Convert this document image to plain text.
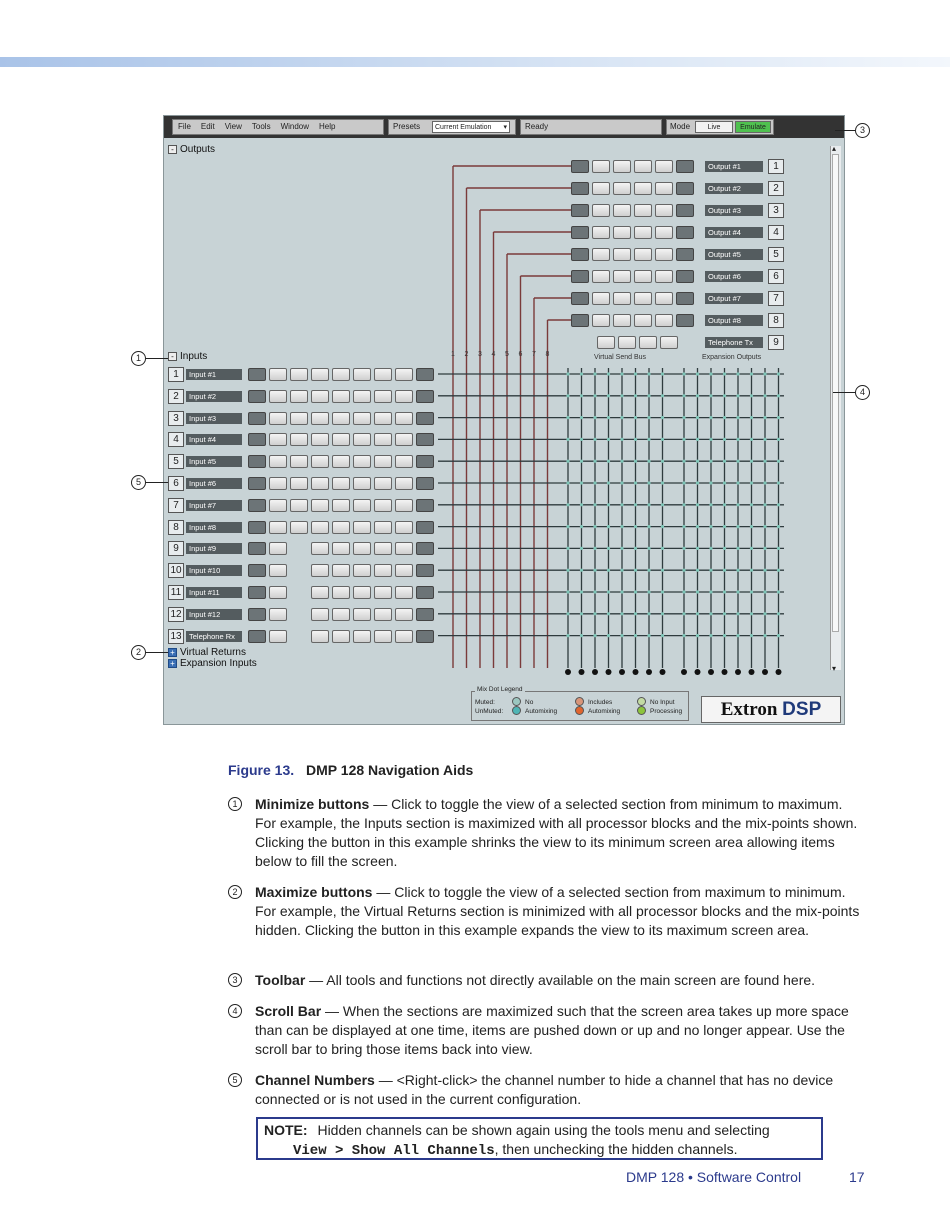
File Edit View Tools Window Help	Presets	Current Emulation ▾	Ready	Mode	Live	Emulate
- Outputs
- Inputs
+ Virtual Returns
+ Expansion Inputs
Output #1	1
Output #2	2
Output #3	3
Output #4	4
Output #5	5
Output #6	6
Output #7	7
Output #8	8
Telephone Tx	9
1	Input #1
2	Input #2
3	Input #3
4	Input #4
5	Input #5
6	Input #6
7	Input #7
8	Input #8
9	Input #9
10 Input #10
11	Input #11
12 Input #12
13 Telephone Rx
Virtual Send Bus	Expansion Outputs
▴
▾
Mix Dot Legend
Muted:
UnMuted:

No
Automixing

Includes
Automixing

No Input
Processing	Extron DSP
1 2 3 4 5 6 7 8
3
4
1
5
2
Figure 13. DMP 128 Navigation Aids
1	Minimize buttons — Click to toggle the view of a selected section from minimum to maximum. For example, the Inputs section is maximized with all processor blocks and the mix-points shown. Clicking the button in this example shrinks the view to its minimum screen area allowing items below to fill the screen.
2	Maximize buttons — Click to toggle the view of a selected section from maximum to minimum. For example, the Virtual Returns section is minimized with all processor blocks and the mix-points hidden. Clicking the button in this example expands the view to its maximum screen area.
3	Toolbar — All tools and functions not directly available on the main screen are found here.
4	Scroll Bar — When the sections are maximized such that the screen area takes up more space than can be displayed at one time, items are pushed down or up and no longer appear. Use the scroll bar to bring those items back into view.
5	Channel Numbers — <Right-click> the channel number to hide a channel that has no device connected or is not used in the current configuration.
NOTE: Hidden channels can be shown again using the tools menu and selecting
View > Show All Channels, then unchecking the hidden channels.
DMP 128 • Software Control	17
